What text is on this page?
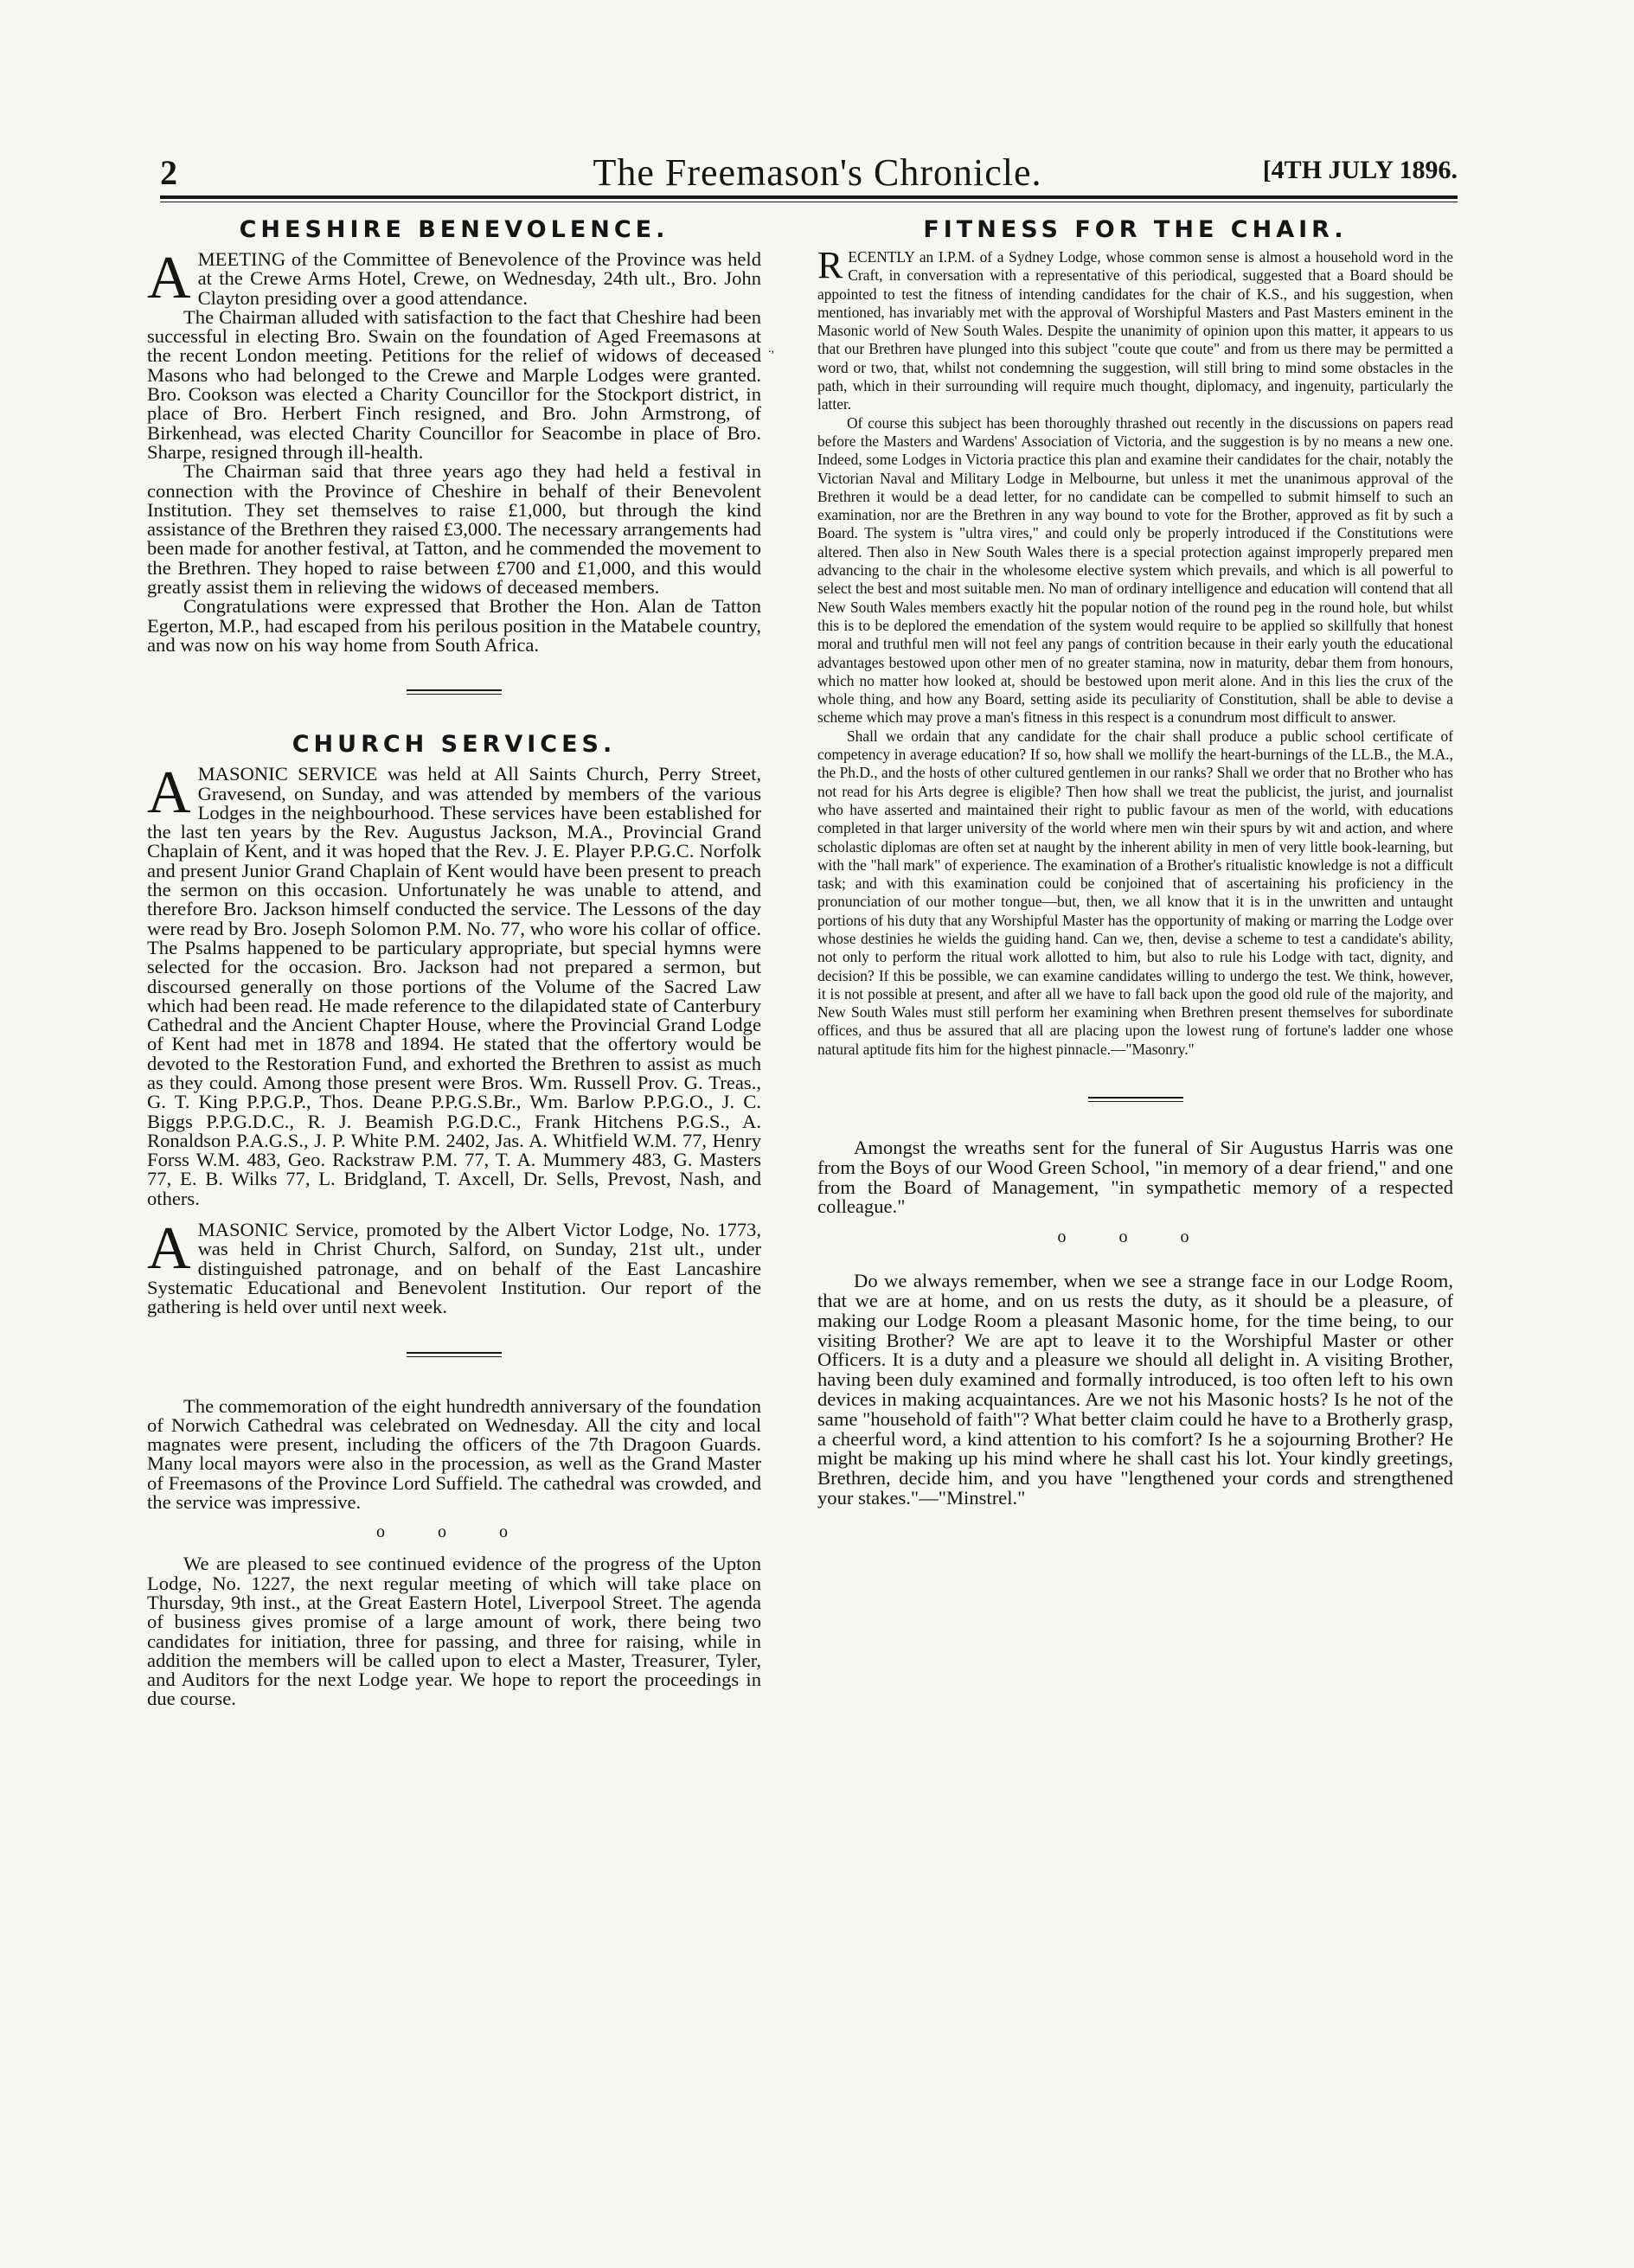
2	The Freemason's Chronicle.	[4TH JULY 1896.
.,
CHESHIRE BENEVOLENCE.

AMEETING of the Committee of Benevolence of the Province was held at the Crewe Arms Hotel, Crewe, on Wednesday, 24th ult., Bro. John Clayton presiding over a good attendance.

The Chairman alluded with satisfaction to the fact that Cheshire had been successful in electing Bro. Swain on the foundation of Aged Freemasons at the recent London meeting. Petitions for the relief of widows of deceased Masons who had belonged to the Crewe and Marple Lodges were granted. Bro. Cookson was elected a Charity Councillor for the Stockport district, in place of Bro. Herbert Finch resigned, and Bro. John Armstrong, of Birkenhead, was elected Charity Councillor for Seacombe in place of Bro. Sharpe, resigned through ill-health.

The Chairman said that three years ago they had held a festival in connection with the Province of Cheshire in behalf of their Benevolent Institution. They set themselves to raise £1,000, but through the kind assistance of the Brethren they raised £3,000. The necessary arrangements had been made for another festival, at Tatton, and he commended the movement to the Brethren. They hoped to raise between £700 and £1,000, and this would greatly assist them in relieving the widows of deceased members.

Congratulations were expressed that Brother the Hon. Alan de Tatton Egerton, M.P., had escaped from his perilous position in the Matabele country, and was now on his way home from South Africa.

CHURCH SERVICES.

AMASONIC SERVICE was held at All Saints Church, Perry Street, Gravesend, on Sunday, and was attended by members of the various Lodges in the neighbourhood. These services have been established for the last ten years by the Rev. Augustus Jackson, M.A., Provincial Grand Chaplain of Kent, and it was hoped that the Rev. J. E. Player P.P.G.C. Norfolk and present Junior Grand Chaplain of Kent would have been present to preach the sermon on this occasion. Unfortunately he was unable to attend, and therefore Bro. Jackson himself conducted the service. The Lessons of the day were read by Bro. Joseph Solomon P.M. No. 77, who wore his collar of office. The Psalms happened to be particulary appropriate, but special hymns were selected for the occasion. Bro. Jackson had not prepared a sermon, but discoursed generally on those portions of the Volume of the Sacred Law which had been read. He made reference to the dilapidated state of Canterbury Cathedral and the Ancient Chapter House, where the Provincial Grand Lodge of Kent had met in 1878 and 1894. He stated that the offertory would be devoted to the Restoration Fund, and exhorted the Brethren to assist as much as they could. Among those present were Bros. Wm. Russell Prov. G. Treas., G. T. King P.P.G.P., Thos. Deane P.P.G.S.Br., Wm. Barlow P.P.G.O., J. C. Biggs P.P.G.D.C., R. J. Beamish P.G.D.C., Frank Hitchens P.G.S., A. Ronaldson P.A.G.S., J. P. White P.M. 2402, Jas. A. Whitfield W.M. 77, Henry Forss W.M. 483, Geo. Rackstraw P.M. 77, T. A. Mummery 483, G. Masters 77, E. B. Wilks 77, L. Bridgland, T. Axcell, Dr. Sells, Prevost, Nash, and others.

AMASONIC Service, promoted by the Albert Victor Lodge, No. 1773, was held in Christ Church, Salford, on Sunday, 21st ult., under distinguished patronage, and on behalf of the East Lancashire Systematic Educational and Benevolent Institution. Our report of the gathering is held over until next week.

The commemoration of the eight hundredth anniversary of the foundation of Norwich Cathedral was celebrated on Wednesday. All the city and local magnates were present, including the officers of the 7th Dragoon Guards. Many local mayors were also in the procession, as well as the Grand Master of Freemasons of the Province Lord Suffield. The cathedral was crowded, and the service was impressive.

o o o

We are pleased to see continued evidence of the progress of the Upton Lodge, No. 1227, the next regular meeting of which will take place on Thursday, 9th inst., at the Great Eastern Hotel, Liverpool Street. The agenda of business gives promise of a large amount of work, there being two candidates for initiation, three for passing, and three for raising, while in addition the members will be called upon to elect a Master, Treasurer, Tyler, and Auditors for the next Lodge year. We hope to report the proceedings in due course.

FITNESS FOR THE CHAIR.

RECENTLY an I.P.M. of a Sydney Lodge, whose common sense is almost a household word in the Craft, in conversation with a representative of this periodical, suggested that a Board should be appointed to test the fitness of intending candidates for the chair of K.S., and his suggestion, when mentioned, has invariably met with the approval of Worshipful Masters and Past Masters eminent in the Masonic world of New South Wales. Despite the unanimity of opinion upon this matter, it appears to us that our Brethren have plunged into this subject "coute que coute" and from us there may be permitted a word or two, that, whilst not condemning the suggestion, will still bring to mind some obstacles in the path, which in their surrounding will require much thought, diplomacy, and ingenuity, particularly the latter.

Of course this subject has been thoroughly thrashed out recently in the discussions on papers read before the Masters and Wardens' Association of Victoria, and the suggestion is by no means a new one. Indeed, some Lodges in Victoria practice this plan and examine their candidates for the chair, notably the Victorian Naval and Military Lodge in Melbourne, but unless it met the unanimous approval of the Brethren it would be a dead letter, for no candidate can be compelled to submit himself to such an examination, nor are the Brethren in any way bound to vote for the Brother, approved as fit by such a Board. The system is "ultra vires," and could only be properly introduced if the Constitutions were altered. Then also in New South Wales there is a special protection against improperly prepared men advancing to the chair in the wholesome elective system which prevails, and which is all powerful to select the best and most suitable men. No man of ordinary intelligence and education will contend that all New South Wales members exactly hit the popular notion of the round peg in the round hole, but whilst this is to be deplored the emendation of the system would require to be applied so skillfully that honest moral and truthful men will not feel any pangs of contrition because in their early youth the educational advantages bestowed upon other men of no greater stamina, now in maturity, debar them from honours, which no matter how looked at, should be bestowed upon merit alone. And in this lies the crux of the whole thing, and how any Board, setting aside its peculiarity of Constitution, shall be able to devise a scheme which may prove a man's fitness in this respect is a conundrum most difficult to answer.

Shall we ordain that any candidate for the chair shall produce a public school certificate of competency in average education? If so, how shall we mollify the heart-burnings of the LL.B., the M.A., the Ph.D., and the hosts of other cultured gentlemen in our ranks? Shall we order that no Brother who has not read for his Arts degree is eligible? Then how shall we treat the publicist, the jurist, and journalist who have asserted and maintained their right to public favour as men of the world, with educations completed in that larger university of the world where men win their spurs by wit and action, and where scholastic diplomas are often set at naught by the inherent ability in men of very little book-learning, but with the "hall mark" of experience. The examination of a Brother's ritualistic knowledge is not a difficult task; and with this examination could be conjoined that of ascertaining his proficiency in the pronunciation of our mother tongue—but, then, we all know that it is in the unwritten and untaught portions of his duty that any Worshipful Master has the opportunity of making or marring the Lodge over whose destinies he wields the guiding hand. Can we, then, devise a scheme to test a candidate's ability, not only to perform the ritual work allotted to him, but also to rule his Lodge with tact, dignity, and decision? If this be possible, we can examine candidates willing to undergo the test. We think, however, it is not possible at present, and after all we have to fall back upon the good old rule of the majority, and New South Wales must still perform her examining when Brethren present themselves for subordinate offices, and thus be assured that all are placing upon the lowest rung of fortune's ladder one whose natural aptitude fits him for the highest pinnacle.—"Masonry."

Amongst the wreaths sent for the funeral of Sir Augustus Harris was one from the Boys of our Wood Green School, "in memory of a dear friend," and one from the Board of Management, "in sympathetic memory of a respected colleague."

o o o

Do we always remember, when we see a strange face in our Lodge Room, that we are at home, and on us rests the duty, as it should be a pleasure, of making our Lodge Room a pleasant Masonic home, for the time being, to our visiting Brother? We are apt to leave it to the Worshipful Master or other Officers. It is a duty and a pleasure we should all delight in. A visiting Brother, having been duly examined and formally introduced, is too often left to his own devices in making acquaintances. Are we not his Masonic hosts? Is he not of the same "household of faith"? What better claim could he have to a Brotherly grasp, a cheerful word, a kind attention to his comfort? Is he a sojourning Brother? He might be making up his mind where he shall cast his lot. Your kindly greetings, Brethren, decide him, and you have "lengthened your cords and strengthened your stakes."—"Minstrel."
